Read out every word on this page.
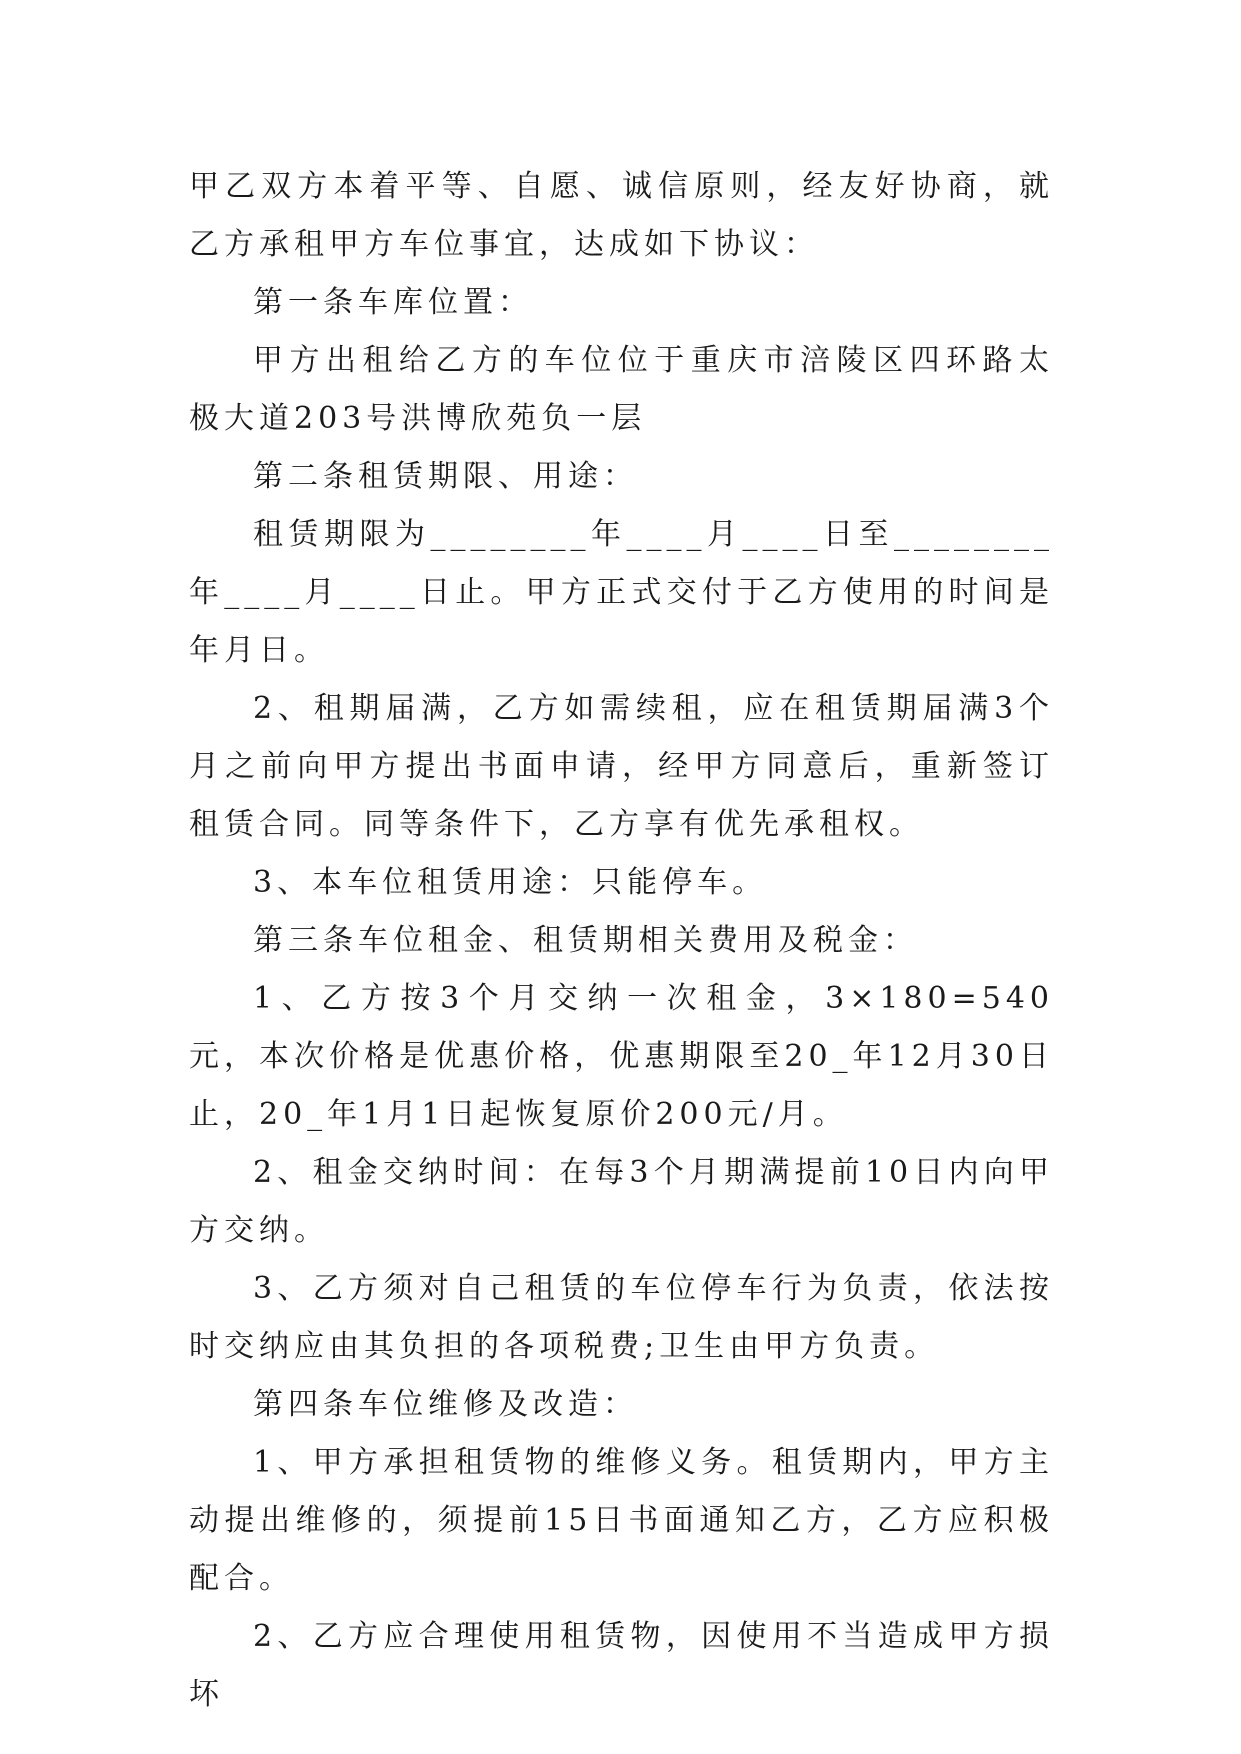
甲乙双方本着平等、自愿、诚信原则，经友好协商，就乙方承租甲方车位事宜，达成如下协议：

第一条车库位置：

甲方出租给乙方的车位位于重庆市涪陵区四环路太极大道203号洪博欣苑负一层

第二条租赁期限、用途：

租赁期限为________年____月____日至________年____月____日止。甲方正式交付于乙方使用的时间是年月日。

2、租期届满，乙方如需续租，应在租赁期届满3个月之前向甲方提出书面申请，经甲方同意后，重新签订租赁合同。同等条件下，乙方享有优先承租权。

3、本车位租赁用途：只能停车。

第三条车位租金、租赁期相关费用及税金：

1、乙方按3个月交纳一次租金，3×180=540元，本次价格是优惠价格，优惠期限至20_年12月30日止，20_年1月1日起恢复原价200元/月。

2、租金交纳时间：在每3个月期满提前10日内向甲方交纳。

3、乙方须对自己租赁的车位停车行为负责，依法按时交纳应由其负担的各项税费;卫生由甲方负责。

第四条车位维修及改造：

1、甲方承担租赁物的维修义务。租赁期内，甲方主动提出维修的，须提前15日书面通知乙方，乙方应积极配合。

2、乙方应合理使用租赁物，因使用不当造成甲方损坏
